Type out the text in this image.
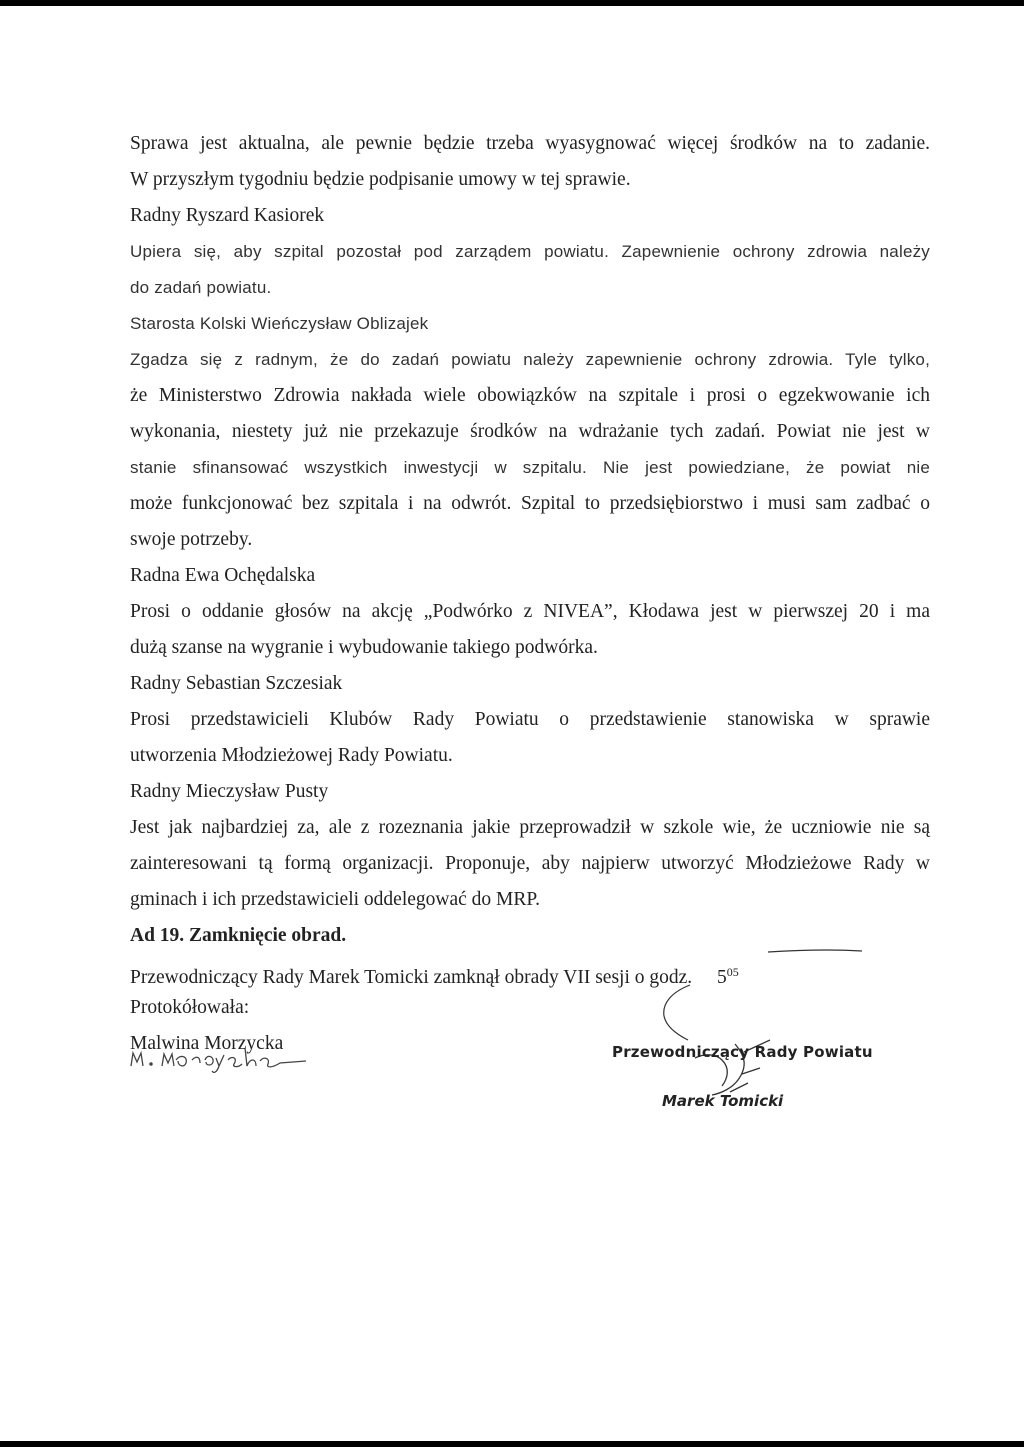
Sprawa jest aktualna, ale pewnie będzie trzeba wyasygnować więcej środków na to zadanie.
W przyszłym tygodniu będzie podpisanie umowy w tej sprawie.
Radny Ryszard Kasiorek
Upiera się, aby szpital pozostał pod zarządem powiatu. Zapewnienie ochrony zdrowia należy
do zadań powiatu.
Starosta Kolski Wieńczysław Oblizajek
Zgadza się z radnym, że do zadań powiatu należy zapewnienie ochrony zdrowia. Tyle tylko,
że Ministerstwo Zdrowia nakłada wiele obowiązków na szpitale i prosi o egzekwowanie ich
wykonania, niestety już nie przekazuje środków na wdrażanie tych zadań. Powiat nie jest w
stanie sfinansować wszystkich inwestycji w szpitalu. Nie jest powiedziane, że powiat nie
może funkcjonować bez szpitala i na odwrót. Szpital to przedsiębiorstwo i musi sam zadbać o
swoje potrzeby.
Radna Ewa Ochędalska
Prosi o oddanie głosów na akcję „Podwórko z NIVEA”, Kłodawa jest w pierwszej 20 i ma
dużą szanse na wygranie i wybudowanie takiego podwórka.
Radny Sebastian Szczesiak
Prosi przedstawicieli Klubów Rady Powiatu o przedstawienie stanowiska w sprawie
utworzenia Młodzieżowej Rady Powiatu.
Radny Mieczysław Pusty
Jest jak najbardziej za, ale z rozeznania jakie przeprowadził w szkole wie, że uczniowie nie są
zainteresowani tą formą organizacji. Proponuje, aby najpierw utworzyć Młodzieżowe Rady w
gminach i ich przedstawicieli oddelegować do MRP.
Ad 19. Zamknięcie obrad.
Przewodniczący Rady Marek Tomicki zamknął obrady VII sesji o godz. $5^{05}$
Protokółowała:
Malwina Morzycka	Przewodniczący Rady Powiatu
Marek Tomicki
